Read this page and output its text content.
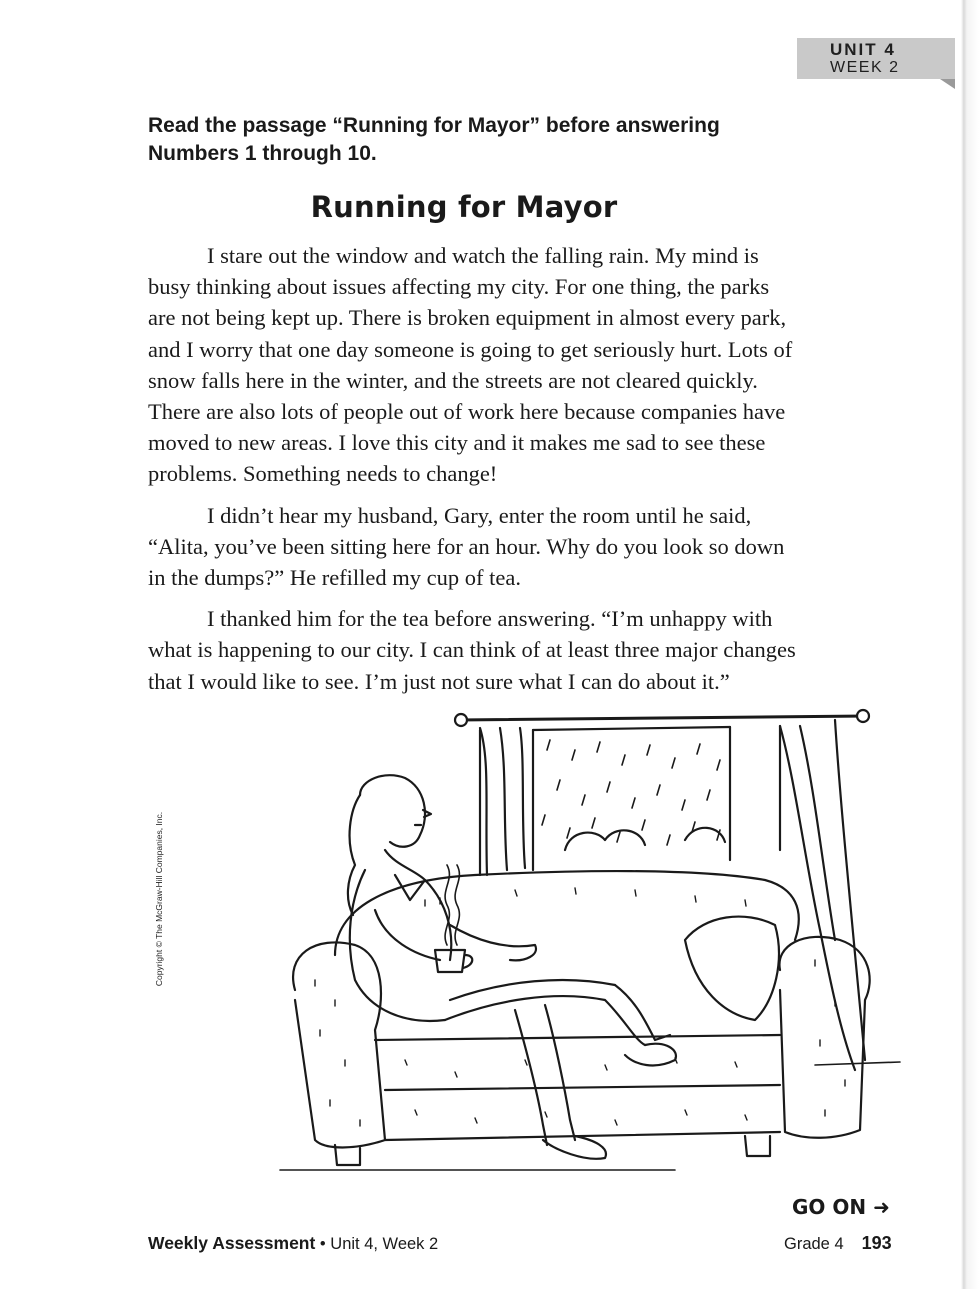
UNIT 4
WEEK 2
Read the passage “Running for Mayor” before answering Numbers 1 through 10.
Running for Mayor

I stare out the window and watch the falling rain. My mind is busy thinking about issues affecting my city. For one thing, the parks are not being kept up. There is broken equipment in almost every park, and I worry that one day someone is going to get seriously hurt. Lots of snow falls here in the winter, and the streets are not cleared quickly. There are also lots of people out of work here because companies have moved to new areas. I love this city and it makes me sad to see these problems. Something needs to change!

I didn’t hear my husband, Gary, enter the room until he said, “Alita, you’ve been sitting here for an hour. Why do you look so down in the dumps?” He refilled my cup of tea.

I thanked him for the tea before answering. “I’m unhappy with what is happening to our city. I can think of at least three major changes that I would like to see. I’m just not sure what I can do about it.”

Copyright © The McGraw-Hill Companies, Inc.
GO ON ➜
Weekly Assessment • Unit 4, Week 2	Grade 4 193
